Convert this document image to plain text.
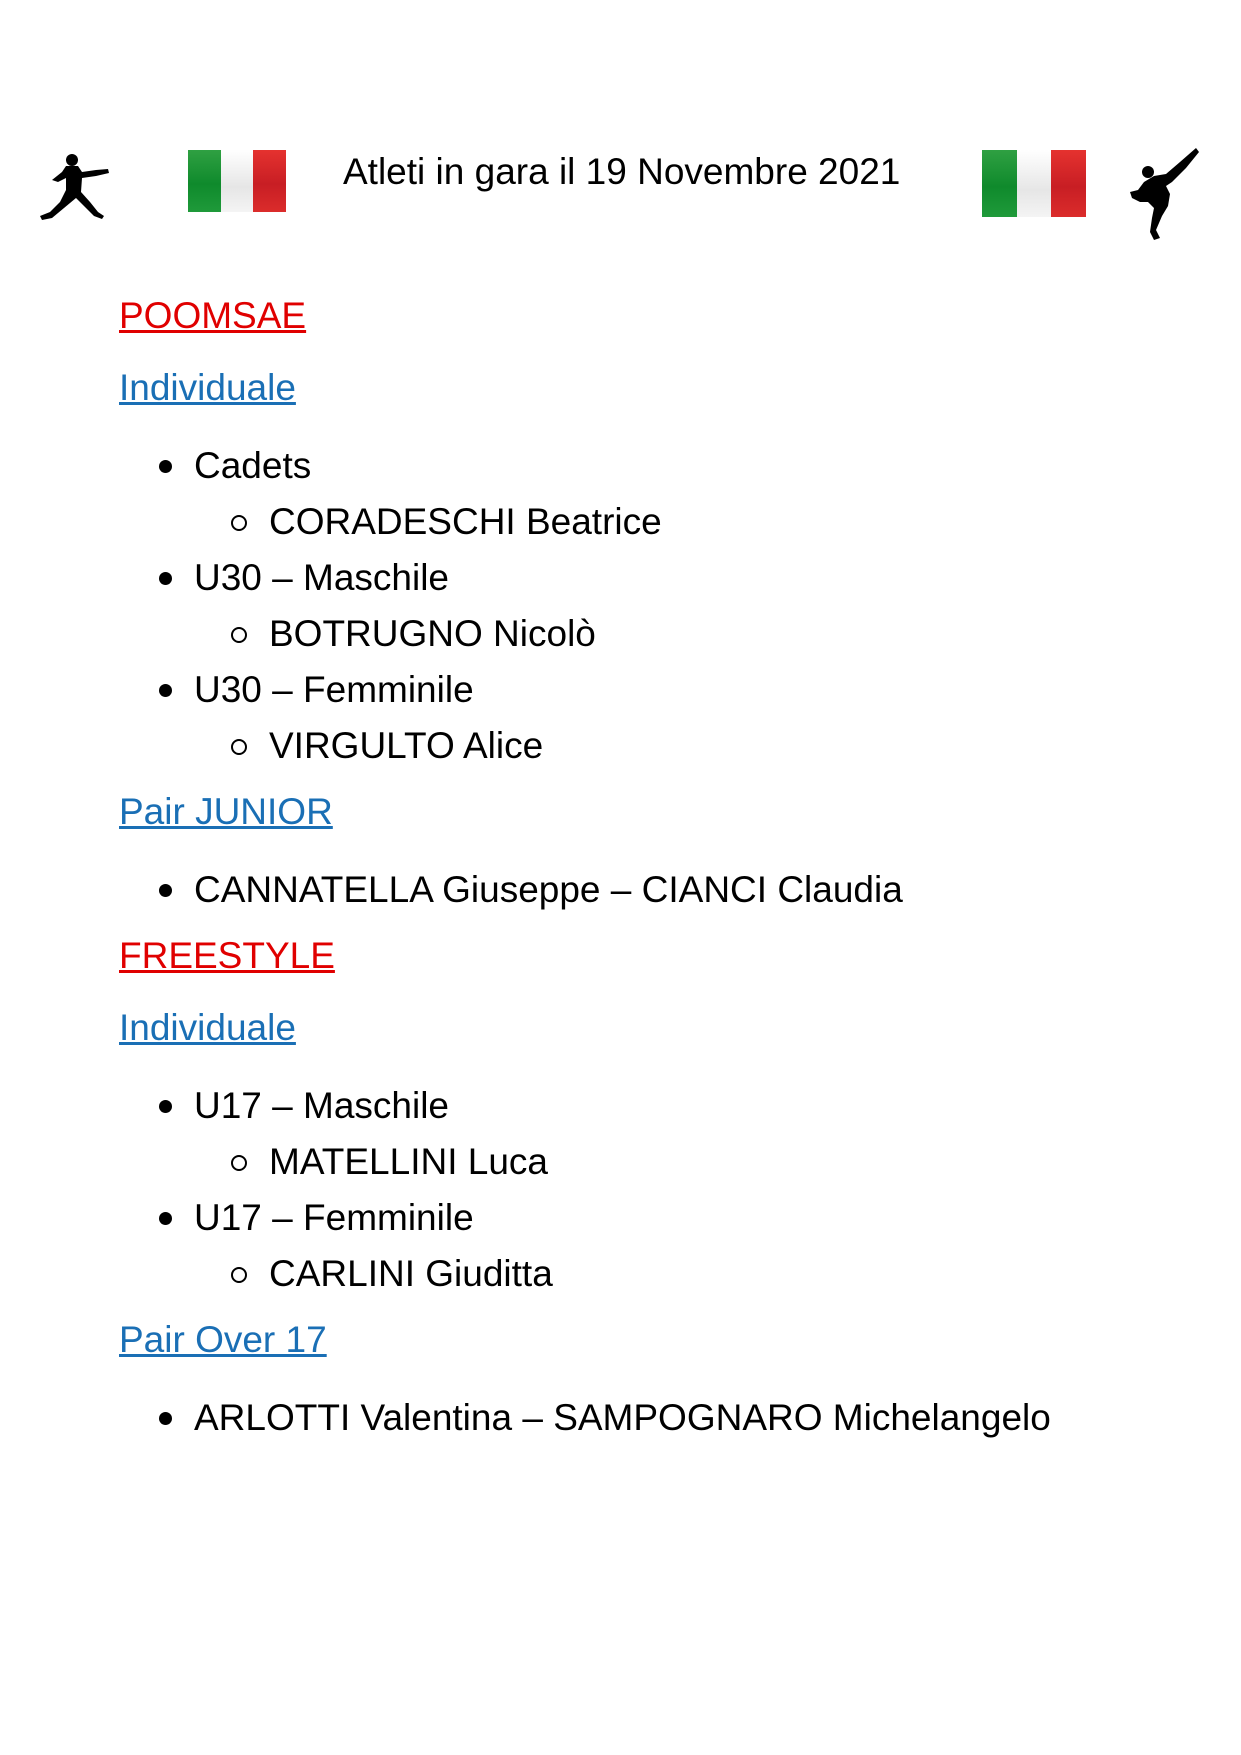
Atleti in gara il 19 Novembre 2021
POOMSAE
Individuale
Cadets
CORADESCHI Beatrice
U30 – Maschile
BOTRUGNO Nicolò
U30 – Femminile
VIRGULTO Alice
Pair JUNIOR
CANNATELLA Giuseppe – CIANCI Claudia
FREESTYLE
Individuale
U17 – Maschile
MATELLINI Luca
U17 – Femminile
CARLINI Giuditta
Pair Over 17
ARLOTTI Valentina – SAMPOGNARO Michelangelo
